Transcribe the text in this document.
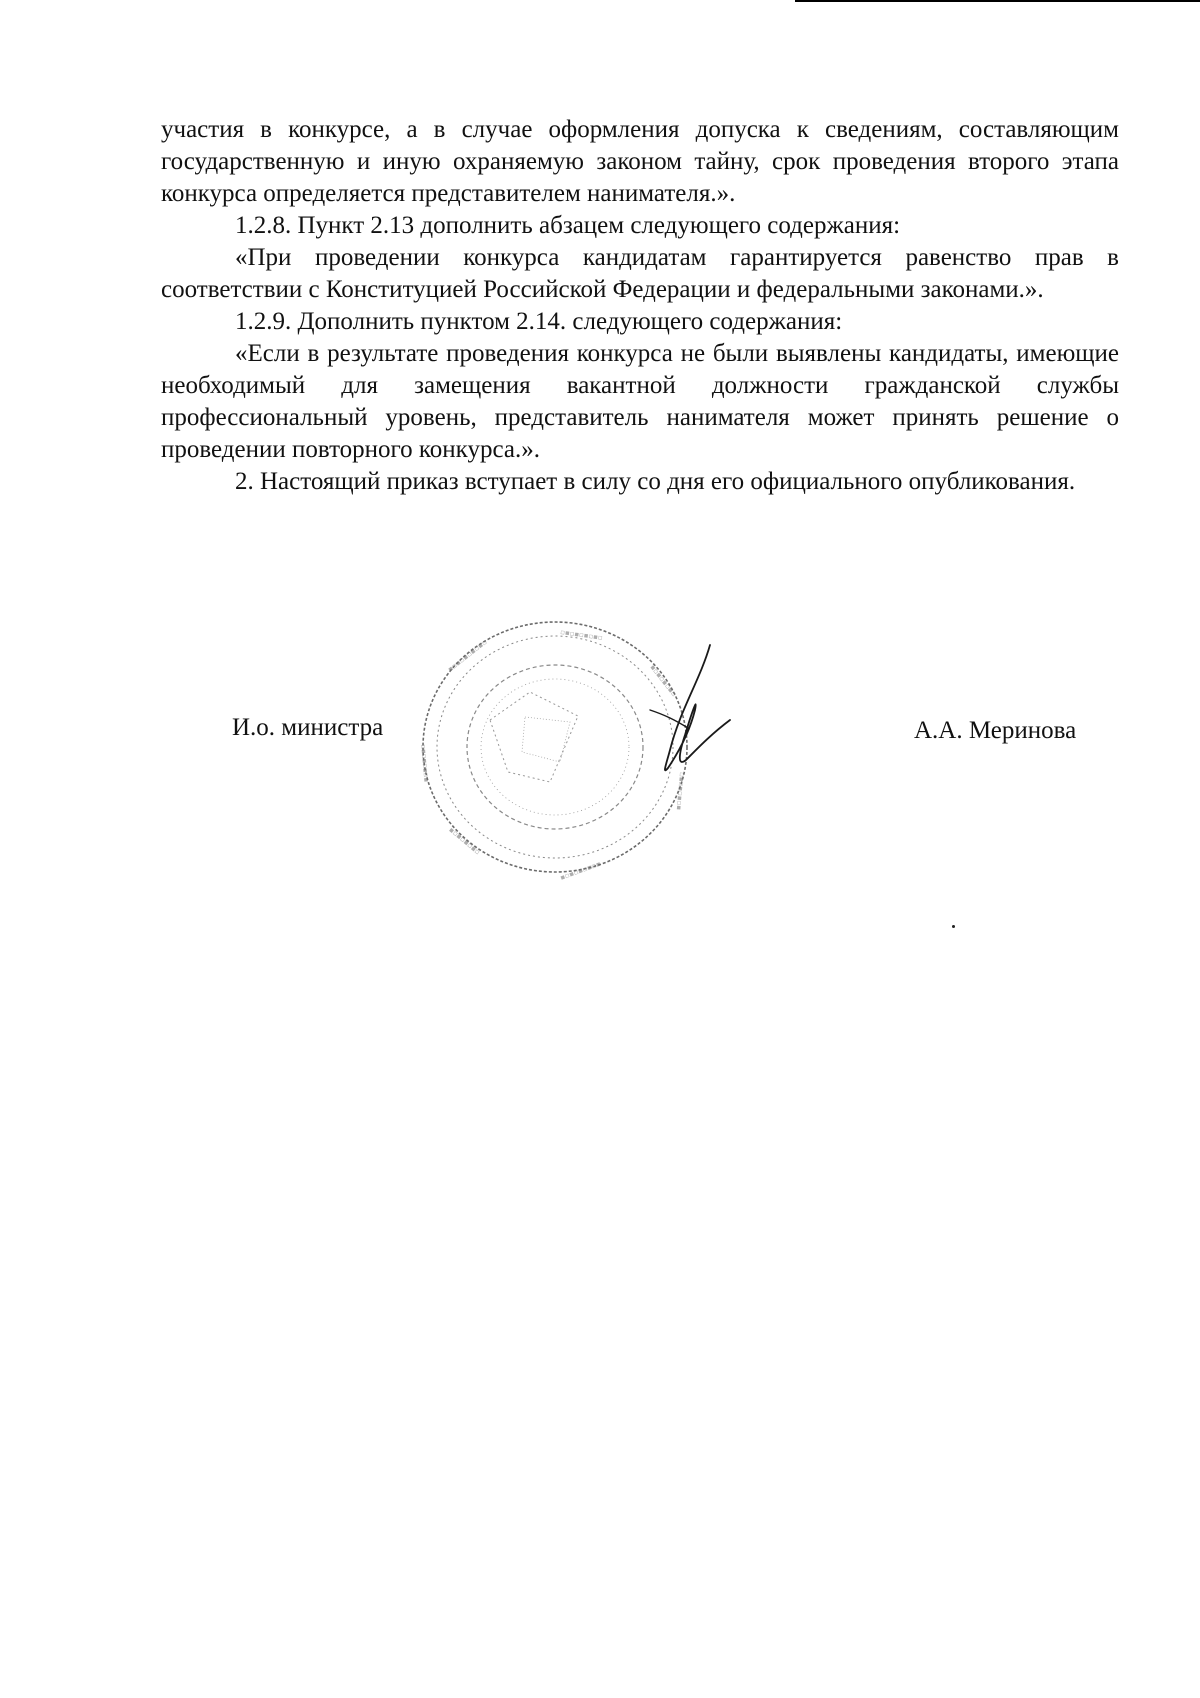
участия в конкурсе, а в случае оформления допуска к сведениям, составляющим государственную и иную охраняемую законом тайну, срок проведения второго этапа конкурса определяется представителем нанимателя.».

1.2.8. Пункт 2.13 дополнить абзацем следующего содержания:

«При проведении конкурса кандидатам гарантируется равенство прав в соответствии с Конституцией Российской Федерации и федеральными законами.».

1.2.9. Дополнить пунктом 2.14. следующего содержания:

«Если в результате проведения конкурса не были выявлены кандидаты, имеющие необходимый для замещения вакантной должности гражданской службы профессиональный уровень, представитель нанимателя может принять решение о проведении повторного конкурса.».

2. Настоящий приказ вступает в силу со дня его официального опубликования.

И.о. министра
▪▫▪▫▪▫▪▫▪▫
▫▪▫▪▫▪▫▪▫
▪▫▪▫▪▫▪▫
▫▪▫▪▫▪▫▪
▪▫▪▫▪▫▪▫▪
▫▪▫▪▫▪▫▪
▪▫▪▫▪▫▪▫
А.А. Меринова
